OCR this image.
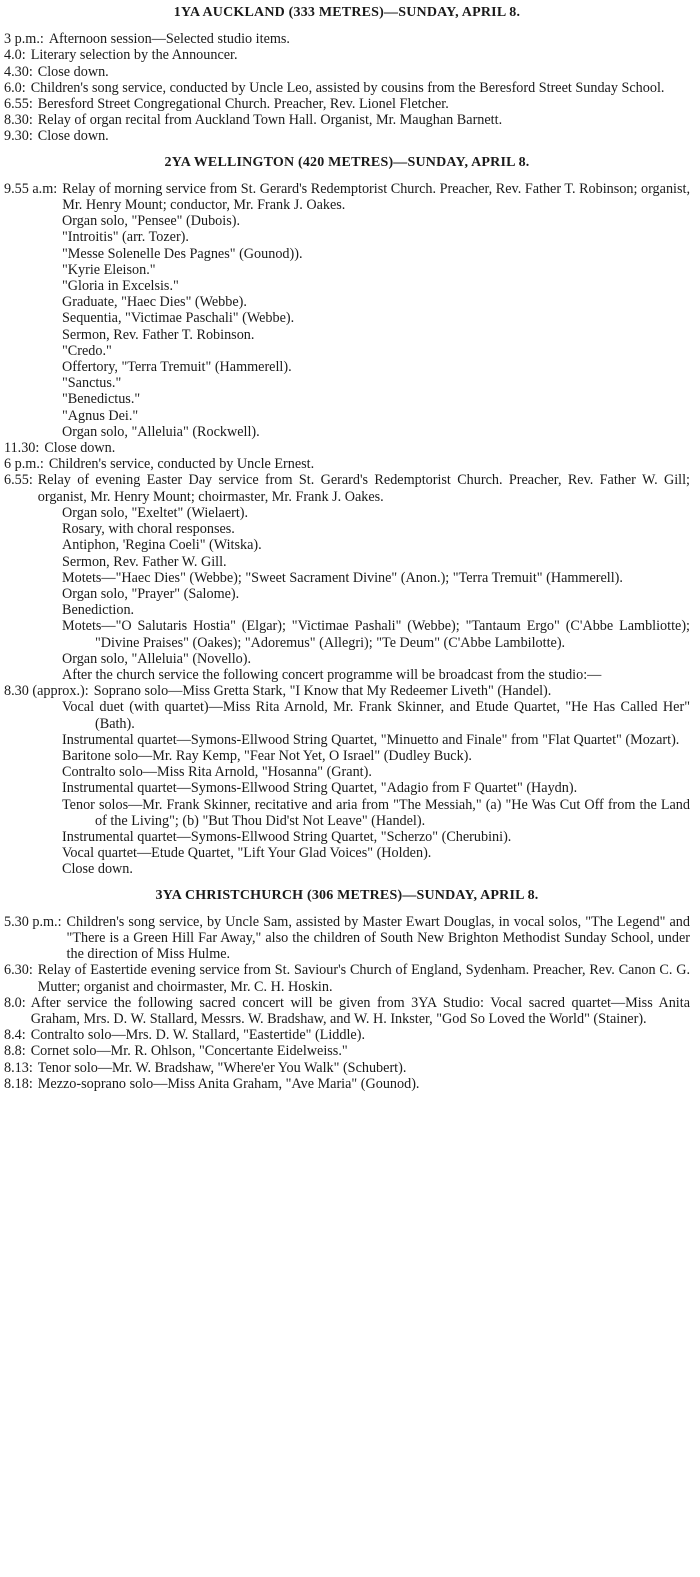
1YA AUCKLAND (333 METRES)—SUNDAY, APRIL 8.
3 p.m.: Afternoon session—Selected studio items.
4.0: Literary selection by the Announcer.
4.30: Close down.
6.0: Children's song service, conducted by Uncle Leo, assisted by cousins from the Beresford Street Sunday School.
6.55: Beresford Street Congregational Church. Preacher, Rev. Lionel Fletcher.
8.30: Relay of organ recital from Auckland Town Hall. Organist, Mr. Maughan Barnett.
9.30: Close down.
2YA WELLINGTON (420 METRES)—SUNDAY, APRIL 8.
9.55 a.m: Relay of morning service from St. Gerard's Redemptorist Church. Preacher, Rev. Father T. Robinson; organist, Mr. Henry Mount; conductor, Mr. Frank J. Oakes.
Organ solo, "Pensee" (Dubois).
"Introitis" (arr. Tozer).
"Messe Solenelle Des Pagnes" (Gounod)).
"Kyrie Eleison."
"Gloria in Excelsis."
Graduate, "Haec Dies" (Webbe).
Sequentia, "Victimae Paschali" (Webbe).
Sermon, Rev. Father T. Robinson.
"Credo."
Offertory, "Terra Tremuit" (Hammerell).
"Sanctus."
"Benedictus."
"Agnus Dei."
Organ solo, "Alleluia" (Rockwell).
11.30: Close down.
6 p.m.: Children's service, conducted by Uncle Ernest.
6.55: Relay of evening Easter Day service from St. Gerard's Redemptorist Church. Preacher, Rev. Father W. Gill; organist, Mr. Henry Mount; choirmaster, Mr. Frank J. Oakes.
Organ solo, "Exeltet" (Wielaert).
Rosary, with choral responses.
Antiphon, 'Regina Coeli" (Witska).
Sermon, Rev. Father W. Gill.
Motets—"Haec Dies" (Webbe); "Sweet Sacrament Divine" (Anon.); "Terra Tremuit" (Hammerell).
Organ solo, "Prayer" (Salome).
Benediction.
Motets—"O Salutaris Hostia" (Elgar); "Victimae Pashali" (Webbe); "Tantaum Ergo" (C'Abbe Lambliotte); "Divine Praises" (Oakes); "Adoremus" (Allegri); "Te Deum" (C'Abbe Lambilotte).
Organ solo, "Alleluia" (Novello).
After the church service the following concert programme will be broadcast from the studio:—
8.30 (approx.): Soprano solo—Miss Gretta Stark, "I Know that My Redeemer Liveth" (Handel).
Vocal duet (with quartet)—Miss Rita Arnold, Mr. Frank Skinner, and Etude Quartet, "He Has Called Her" (Bath).
Instrumental quartet—Symons-Ellwood String Quartet, "Minuetto and Finale" from "Flat Quartet" (Mozart).
Baritone solo—Mr. Ray Kemp, "Fear Not Yet, O Israel" (Dudley Buck).
Contralto solo—Miss Rita Arnold, "Hosanna" (Grant).
Instrumental quartet—Symons-Ellwood String Quartet, "Adagio from F Quartet" (Haydn).
Tenor solos—Mr. Frank Skinner, recitative and aria from "The Messiah," (a) "He Was Cut Off from the Land of the Living"; (b) "But Thou Did'st Not Leave" (Handel).
Instrumental quartet—Symons-Ellwood String Quartet, "Scherzo" (Cherubini).
Vocal quartet—Etude Quartet, "Lift Your Glad Voices" (Holden).
Close down.
3YA CHRISTCHURCH (306 METRES)—SUNDAY, APRIL 8.
5.30 p.m.: Children's song service, by Uncle Sam, assisted by Master Ewart Douglas, in vocal solos, "The Legend" and "There is a Green Hill Far Away," also the children of South New Brighton Methodist Sunday School, under the direction of Miss Hulme.
6.30: Relay of Eastertide evening service from St. Saviour's Church of England, Sydenham. Preacher, Rev. Canon C. G. Mutter; organist and choirmaster, Mr. C. H. Hoskin.
8.0: After service the following sacred concert will be given from 3YA Studio: Vocal sacred quartet—Miss Anita Graham, Mrs. D. W. Stallard, Messrs. W. Bradshaw, and W. H. Inkster, "God So Loved the World" (Stainer).
8.4: Contralto solo—Mrs. D. W. Stallard, "Eastertide" (Liddle).
8.8: Cornet solo—Mr. R. Ohlson, "Concertante Eidelweiss."
8.13: Tenor solo—Mr. W. Bradshaw, "Where'er You Walk" (Schubert).
8.18: Mezzo-soprano solo—Miss Anita Graham, "Ave Maria" (Gounod).
